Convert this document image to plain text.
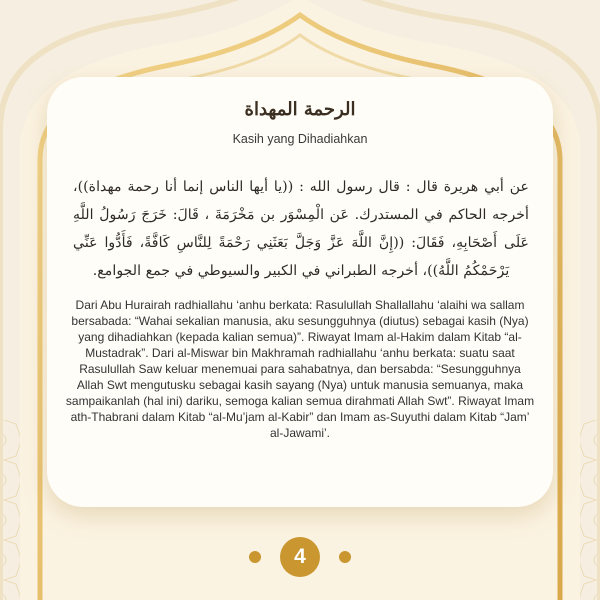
الرحمة المهداة
Kasih yang Dihadiahkan
عن أبي هريرة قال : قال رسول الله : ((يا أيها الناس إنما أنا رحمة مهداة))، أخرجه الحاكم في المستدرك. عَن الْمِسْوَر بن مَخْرَمَةَ ، قَالَ: خَرَجَ رَسُولُ اللَّهِ عَلَى أَصْحَابِهِ، فَقَالَ: ((إِنَّ اللَّهَ عَزَّ وَجَلَّ بَعَثَنِي رَحْمَةً لِلنَّاسِ كَافَّةً، فَأَدُّوا عَنِّي يَرْحَمْكُمُ اللَّهُ))، أخرجه الطبراني في الكبير والسيوطي في جمع الجوامع.
Dari Abu Hurairah radhiallahu ‘anhu berkata: Rasulullah Shallallahu ‘alaihi wa sallam bersabada: “Wahai sekalian manusia, aku sesungguhnya (diutus) sebagai kasih (Nya) yang dihadiahkan (kepada kalian semua)”. Riwayat Imam al-Hakim dalam Kitab “al-Mustadrak”. Dari al-Miswar bin Makhramah radhiallahu ‘anhu berkata: suatu saat Rasulullah Saw keluar menemuai para sahabatnya, dan bersabda: “Sesungguhnya Allah Swt mengutusku sebagai kasih sayang (Nya) untuk manusia semuanya, maka sampaikanlah (hal ini) dariku, semoga kalian semua dirahmati Allah Swt”. Riwayat Imam ath-Thabrani dalam Kitab “al-Mu’jam al-Kabir” dan Imam as-Suyuthi dalam Kitab “Jam’ al-Jawami’.
4
